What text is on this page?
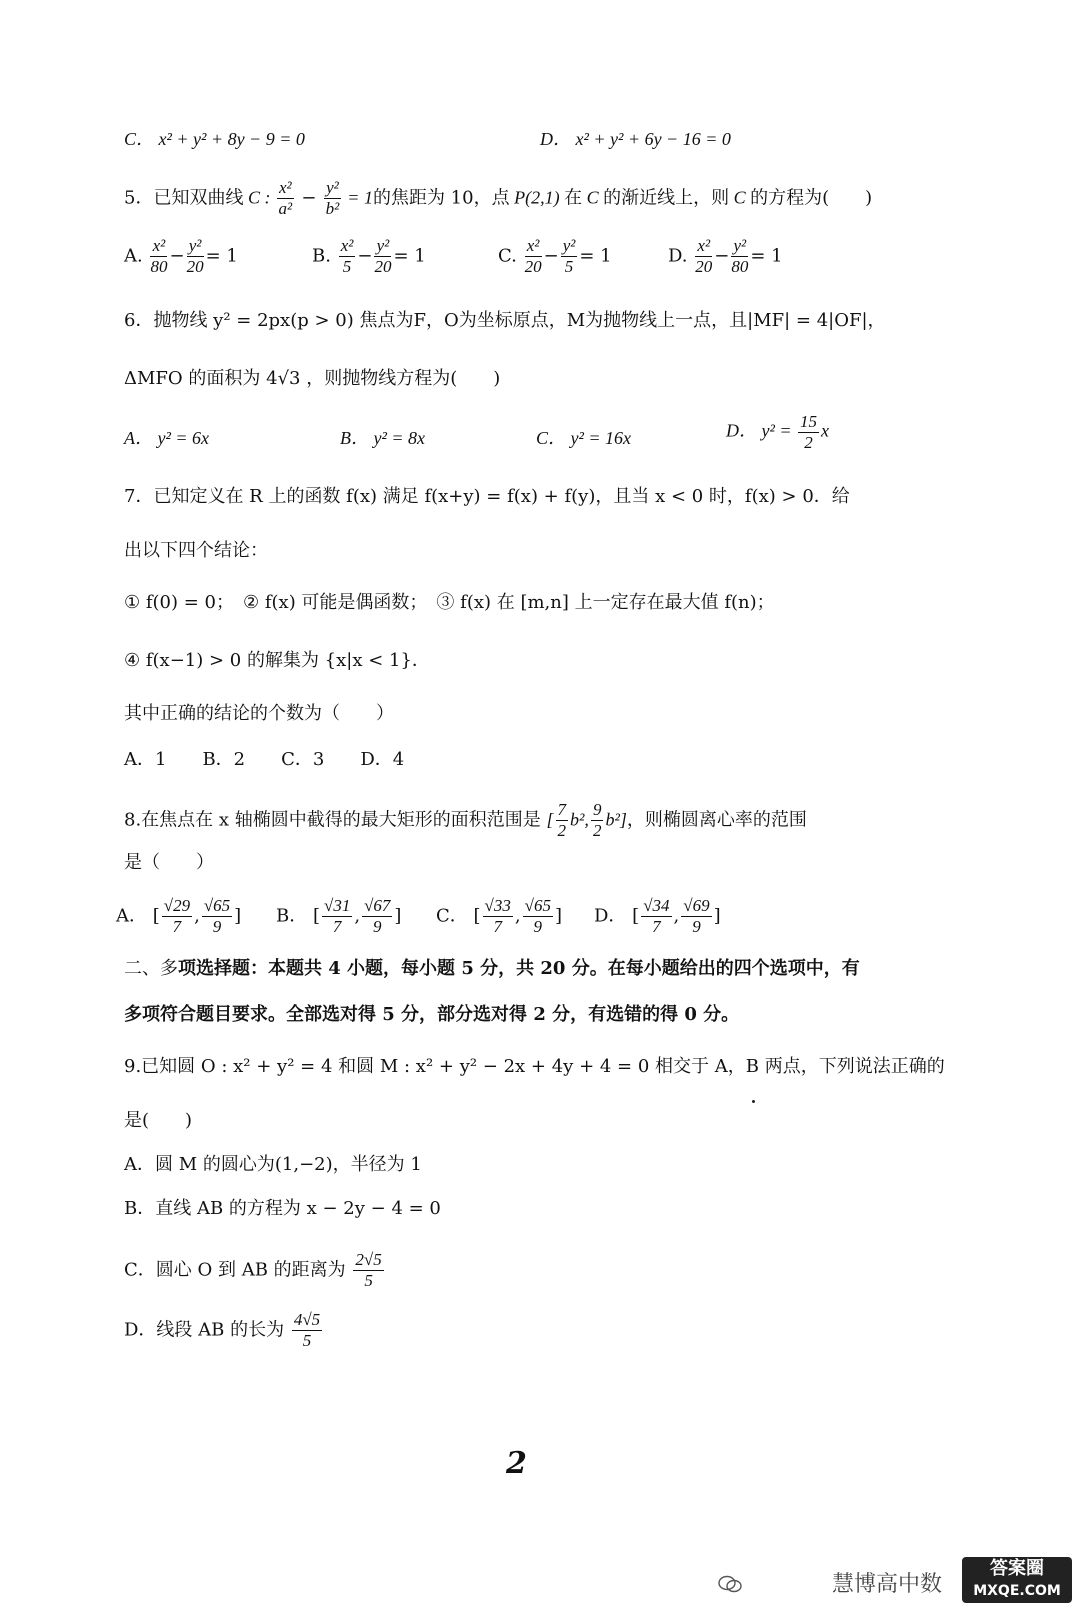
C． x² + y² + 8y − 9 = 0	D． x² + y² + 6y − 16 = 0
5．已知双曲线 C : $\frac{\text{x²}}{\text{a²}} - \frac{\text{y²}}{\text{b²}} = 1$的焦距为 10，点 P(2,1) 在 C 的渐近线上，则 C 的方程为(　　)
A. $\frac{\text{x²}}{80} - \frac{\text{y²}}{20} = 1$	B. $\frac{\text{x²}}{5} - \frac{\text{y²}}{20} = 1$	C. $\frac{\text{x²}}{20} - \frac{\text{y²}}{5} = 1$	D. $\frac{\text{x²}}{20} - \frac{\text{y²}}{80} = 1$
6．抛物线 y² = 2px(p > 0) 焦点为F，O为坐标原点，M为抛物线上一点，且|MF| = 4|OF|，
ΔMFO 的面积为 4√3 ，则抛物线方程为(　　)
A． y² = 6x	B． y² = 8x	C． y² = 16x	D． $y^2 = \frac{15}{2}$ x
7．已知定义在 R 上的函数 f(x) 满足 f(x+y) = f(x) + f(y)，且当 x < 0 时，f(x) > 0．给
出以下四个结论：
① f(0) = 0；　② f(x) 可能是偶函数；　③ f(x) 在 [m,n] 上一定存在最大值 f(n)；
④ f(x−1) > 0 的解集为 {x|x < 1}．
其中正确的结论的个数为（　　）
A．1　　B．2　　C．3　　D．4
8.在焦点在 x 轴椭圆中截得的最大矩形的面积范围是 [ $\frac{7}{2} b^2$, $\frac{9}{2} b^2$]，则椭圆离心率的范围
是（　　）
A． [ $\frac{√29}{7}$ , $\frac{√65}{9}$ ] B． [ $\frac{√31}{7}$ , $\frac{√67}{9}$ ] C． [ $\frac{√33}{7}$ , $\frac{√65}{9}$ ] D． [ $\frac{√34}{7}$ , $\frac{√69}{9}$ ]
二、多项选择题：本题共 4 小题，每小题 5 分，共 20 分。在每小题给出的四个选项中，有
多项符合题目要求。全部选对得 5 分，部分选对得 2 分，有选错的得 0 分。
9.已知圆 O : x² + y² = 4 和圆 M : x² + y² − 2x + 4y + 4 = 0 相交于 A，B 两点，下列说法正确的
是(　　)
A．圆 M 的圆心为(1,−2)，半径为 1
B．直线 AB 的方程为 x − 2y − 4 = 0
C．圆心 O 到 AB 的距离为 $\frac{2√5}{5}$
D．线段 AB 的长为 $\frac{4√5}{5}$
2
慧博高中数
答案圈
MXQE.COM
